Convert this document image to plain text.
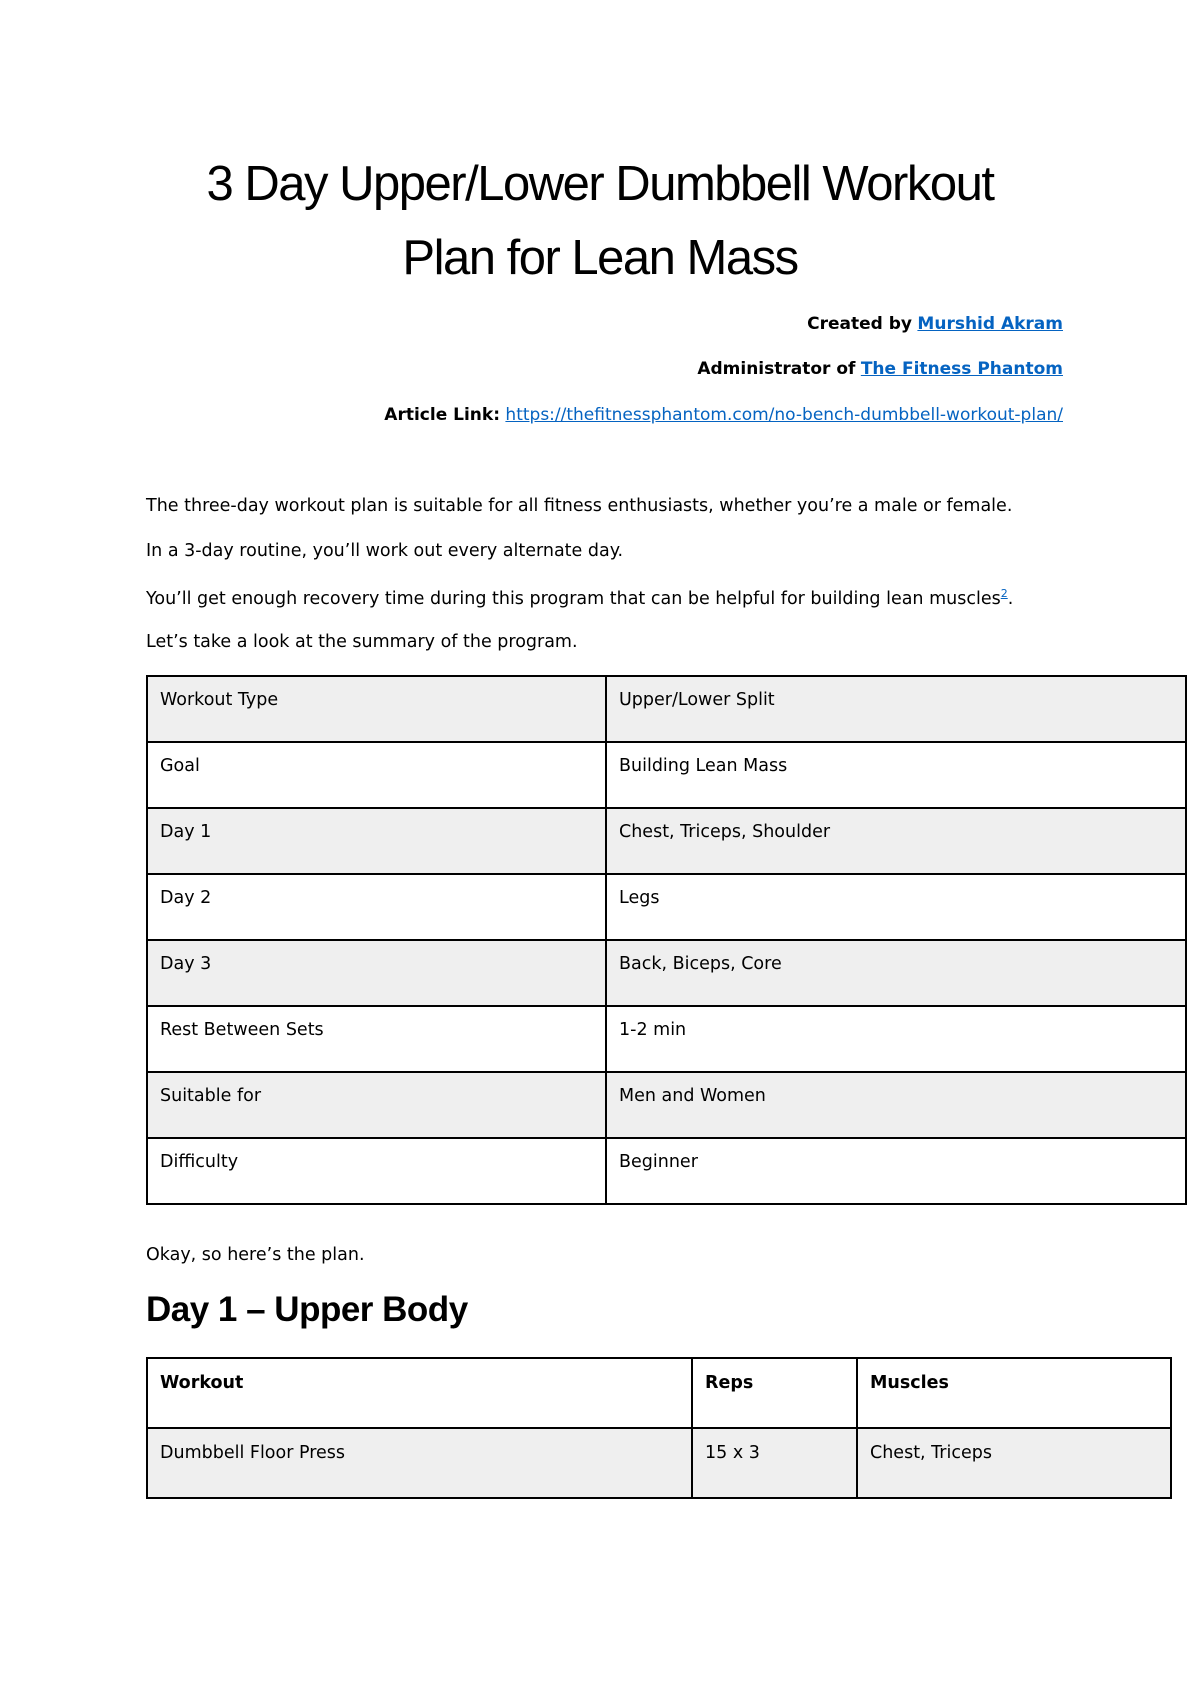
3 Day Upper/Lower Dumbbell Workout
Plan for Lean Mass
Created by Murshid Akram
Administrator of The Fitness Phantom
Article Link: https://thefitnessphantom.com/no-bench-dumbbell-workout-plan/
The three-day workout plan is suitable for all fitness enthusiasts, whether you’re a male or female.
In a 3-day routine, you’ll work out every alternate day.
You’ll get enough recovery time during this program that can be helpful for building lean muscles$^2$.
Let’s take a look at the summary of the program.
Workout Type	Upper/Lower Split
Goal	Building Lean Mass
Day 1	Chest, Triceps, Shoulder
Day 2	Legs
Day 3	Back, Biceps, Core
Rest Between Sets	1-2 min
Suitable for	Men and Women
Difficulty	Beginner
Okay, so here’s the plan.
Day 1 – Upper Body
Workout	Reps	Muscles
Dumbbell Floor Press	15 x 3	Chest, Triceps
